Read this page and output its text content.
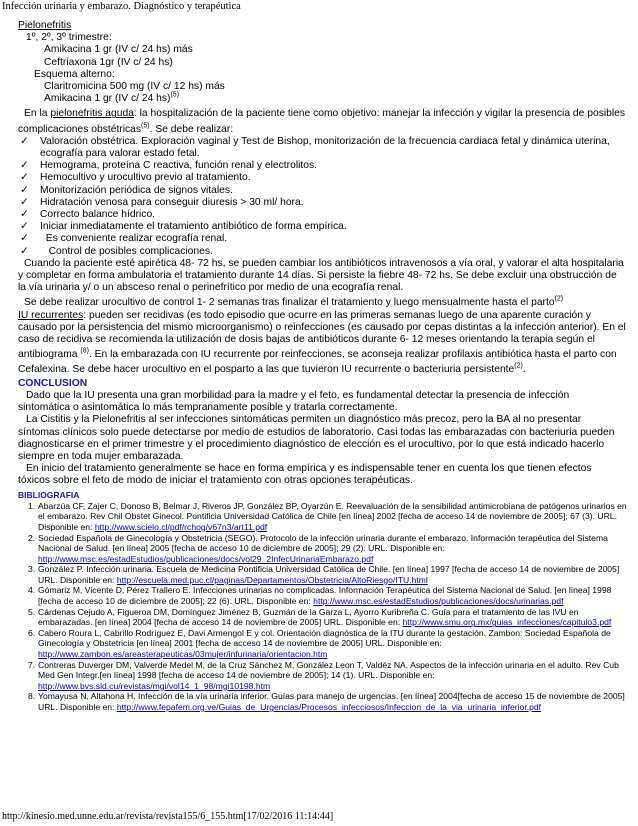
Infección urinaria y embarazo. Diagnóstico y terapéutica
Pielonefritis
1º, 2º, 3º trimestre:
Amikacina 1 gr (IV c/ 24 hs) más
Ceftriaxona 1gr (IV c/ 24 hs)
Esquema alterno:
Claritromicina 500 mg (IV c/ 12 hs) más
Amikacina 1 gr (IV c/ 24 hs)$^{(5)}$
En la pielonefritis aguda: la hospitalización de la paciente tiene como objetivo: manejar la infección y vigilar la presencia de posibles
complicaciones obstétricas$^{(5)}$. Se debe realizar:
✓ Valoración obstétrica. Exploración vaginal y Test de Bishop, monitorización de la frecuencia cardiaca fetal y dinámica uterina,
ecografía para valorar estado fetal.
✓ Hemograma, proteína C reactiva, función renal y electrolitos.
✓ Hemocultivo y urocultivo previo al tratamiento.
✓ Monitorización periódica de signos vitales.
✓ Hidratación venosa para conseguir diuresis > 30 ml/ hora.
✓ Correcto balance hídrico.
✓ Iniciar inmediatamente el tratamiento antibiótico de forma empírica.
✓ Es conveniente realizar ecografía renal.
✓ Control de posibles complicaciones.
Cuando la paciente esté apirética 48- 72 hs, se pueden cambiar los antibióticos intravenosos a vía oral, y valorar el alta hospitalaria
y completar en forma ambulatoria el tratamiento durante 14 días. Si persiste la fiebre 48- 72 hs. Se debe excluir una obstrucción de
la vía urinaria y/ o un absceso renal o perinefrítico por medio de una ecografía renal.
Se debe realizar urocultivo de control 1- 2 semanas tras finalizar el tratamiento y luego mensualmente hasta el parto$^{(2)}$
IU recurrentes: pueden ser recidivas (es todo episodio que ocurre en las primeras semanas luego de una aparente curación y
causado por la persistencia del mismo microorganismo) o reinfecciones (es causado por cepas distintas a la infección anterior). En el
caso de recidiva se recomienda la utilización de dosis bajas de antibióticos durante 6- 12 meses orientando la terapia según el
antibiograma $^{(8)}$. En la embarazada con IU recurrente por reinfecciones, se aconseja realizar profilaxis antibiótica hasta el parto con
Cefalexina. Se debe hacer urocultivo en el posparto a las que tuvieron IU recurrente o bacteriuria persistente$^{(2)}$.
CONCLUSION
Dado que la IU presenta una gran morbilidad para la madre y el feto, es fundamental detectar la presencia de infección
sintomática o asintomática lo más tempranamente posible y tratarla correctamente.
La Cistitis y la Pielonefritis al ser infecciones sintomáticas permiten un diagnóstico más precoz, pero la BA al no presentar
síntomas clínicos solo puede detectarse por medio de estudios de laboratorio. Casi todas las embarazadas con bacteriuria pueden
diagnosticarse en el primer trimestre y el procedimiento diagnóstico de elección es el urocultivo, por lo que está indicado hacerlo
siempre en toda mujer embarazada.
En inicio del tratamiento generalmente se hace en forma empírica y es indispensable tener en cuenta los que tienen efectos
tóxicos sobre el feto de modo de iniciar el tratamiento con otras opciones terapéuticas.
BIBLIOGRAFIA
1. Abarzúa CF, Zajer C, Donoso B, Belmar J, Riveros JP, González BP, Oyarzún E. Reevaluación de la sensibilidad antimicrobiana de patógenos urinarios en
el embarazo. Rev Chil Obstet Ginecol. Pontificia Universidad Católica de Chile [en línea] 2002 [fecha de acceso 14 de noviembre de 2005]; 67 (3). URL.
Disponible en: http://www.scielo.cl/pdf/rchog/v67n3/art11.pdf
2. Sociedad Española de Ginecología y Obstetricia (SEGO). Protocolo de la infección urinaria durante el embarazo. Información terapéutica del Sistema
Nacional de Salud. [en línea] 2005 [fecha de acceso 10 de diciembre de 2005]; 29 (2). URL. Disponible en:
http://www.msc.es/estadEstudios/publicaciones/docs/vol29_2InfecUrinariaEmbarazo.pdf
3. González P. Infección urinaria. Escuela de Medicina Pontificia Universidad Católica de Chile. [en línea] 1997 [fecha de acceso 14 de noviembre de 2005]
URL. Disponible en: http://escuela.med.puc.cl/paginas/Departamentos/Obstetricia/AltoRiesgo/ITU.html
4. Gómariz M, Vicente D, Pérez Trallero E. Infecciones urinarias no complicadas. Información Terapéutica del Sistema Nacional de Salud. [en línea] 1998
[fecha de acceso 10 de diciembre de 2005]; 22 (6). URL. Disponible en: http://www.msc.es/estadEstudios/publicaciones/docs/urinarias.pdf
5. Cárdenas Cejudo A, Figueroa DM, Domínguez Jiménez B, Guzmán de la Garza L, Ayorro Kuribreña C. Guía para el tratamiento de las IVU en
embarazadas. [en línea] 2004 [fecha de acceso 14 de noviembre de 2005] URL. Disponible en: http://www.smu.org.mx/guias_infecciones/capitulo3.pdf
6. Cabero Roura L, Cabrillo Rodríguez E, Davi Armengol E y col. Orientación diagnóstica de la ITU durante la gestación. Zambon: Sociedad Española de
Ginecología y Obstetricia [en línea] 2001 [fecha de acceso 14 de noviembre de 2005] URL. Disponible en:
http://www.zambon.es/areasterapeuticas/03mujer/infurinaria/orientacion.htm
7. Contreras Duverger DM, Valverde Medel M, de la Cruz Sánchez M, González Leon T, Valdéz NA. Aspectos de la infección urinaria en el adulto. Rev Cub
Med Gen Integr.[en línea] 1998 [fecha de acceso 14 de noviembre de 2005]; 14 (1). URL. Disponible en:
http://www.bvs.sld.cu/revistas/mgi/vol14_1_98/mgi10198.htm
8. Yomayusa N, Altahona H. Infección de la vía urinaria inferior. Guías para manejo de urgencias. [en línea] 2004[fecha de acceso 15 de noviembre de 2005]
URL. Disponible en: http://www.fepafem.org.ve/Guias_de_Urgencias/Procesos_infecciosos/Infeccion_de_la_via_urinaria_inferior.pdf
http://kinesio.med.unne.edu.ar/revista/revista155/6_155.htm[17/02/2016 11:14:44]
